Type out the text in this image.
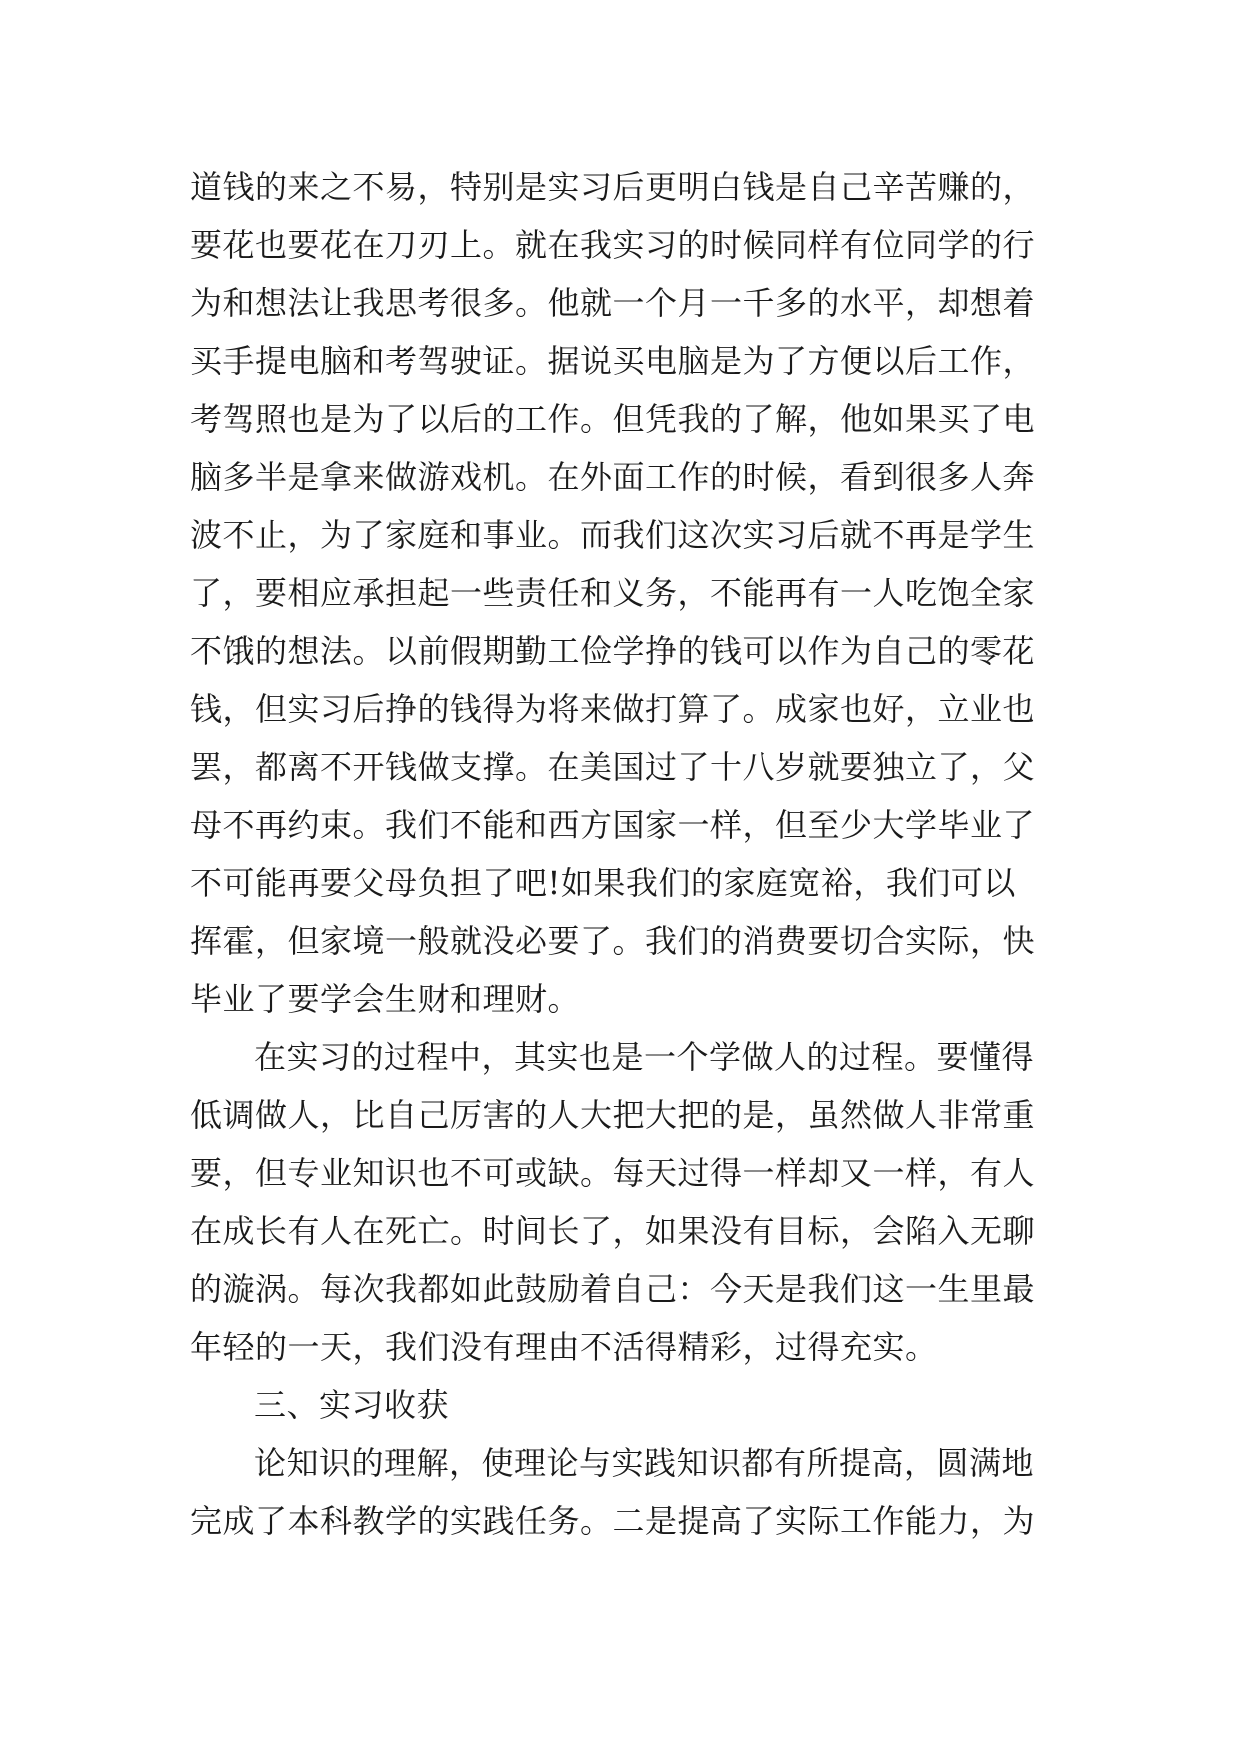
道钱的来之不易，特别是实习后更明白钱是自己辛苦赚的，
要花也要花在刀刃上。就在我实习的时候同样有位同学的行
为和想法让我思考很多。他就一个月一千多的水平，却想着
买手提电脑和考驾驶证。据说买电脑是为了方便以后工作，
考驾照也是为了以后的工作。但凭我的了解，他如果买了电
脑多半是拿来做游戏机。在外面工作的时候，看到很多人奔
波不止，为了家庭和事业。而我们这次实习后就不再是学生
了，要相应承担起一些责任和义务，不能再有一人吃饱全家
不饿的想法。以前假期勤工俭学挣的钱可以作为自己的零花
钱，但实习后挣的钱得为将来做打算了。成家也好，立业也
罢，都离不开钱做支撑。在美国过了十八岁就要独立了，父
母不再约束。我们不能和西方国家一样，但至少大学毕业了
不可能再要父母负担了吧!如果我们的家庭宽裕，我们可以
挥霍，但家境一般就没必要了。我们的消费要切合实际，快
毕业了要学会生财和理财。
在实习的过程中，其实也是一个学做人的过程。要懂得
低调做人，比自己厉害的人大把大把的是，虽然做人非常重
要，但专业知识也不可或缺。每天过得一样却又一样，有人
在成长有人在死亡。时间长了，如果没有目标，会陷入无聊
的漩涡。每次我都如此鼓励着自己：今天是我们这一生里最
年轻的一天，我们没有理由不活得精彩，过得充实。
三、实习收获
论知识的理解，使理论与实践知识都有所提高，圆满地
完成了本科教学的实践任务。二是提高了实际工作能力，为
